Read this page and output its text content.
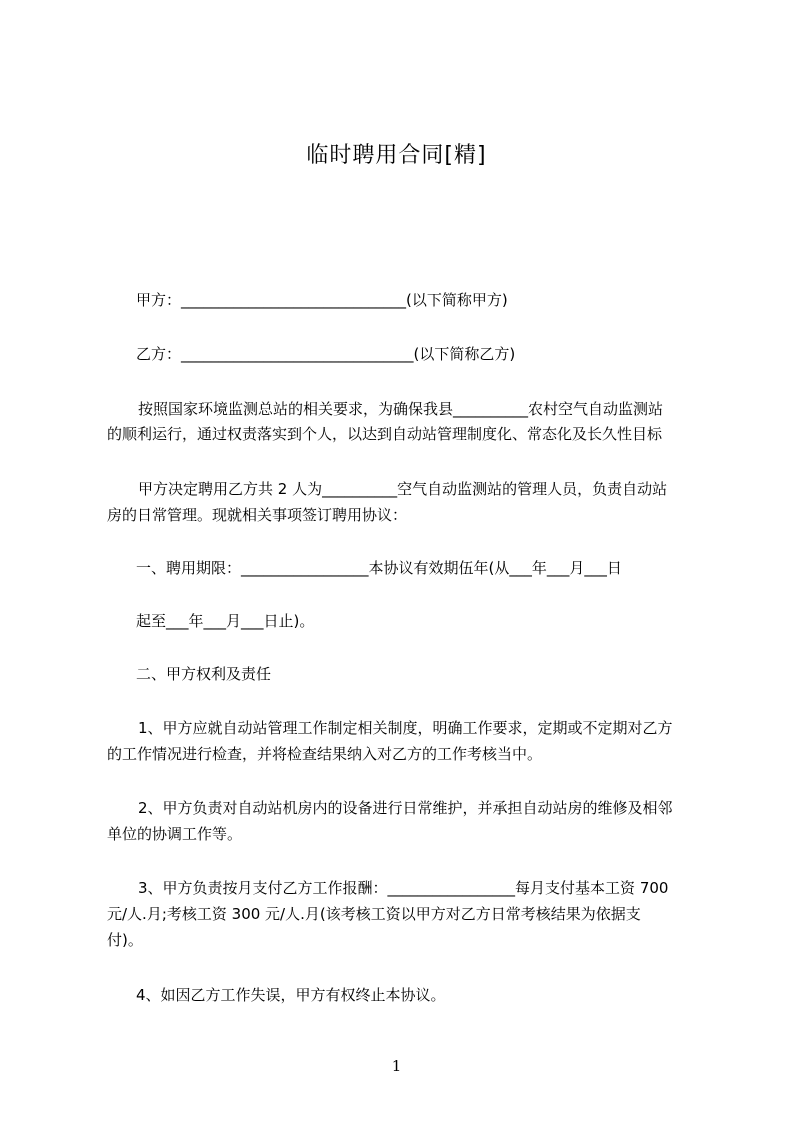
临时聘用合同[精]
甲方：______________________________(以下简称甲方)
乙方：_______________________________(以下简称乙方)
按照国家环境监测总站的相关要求，为确保我县__________农村空气自动监测站
的顺利运行，通过权责落实到个人，以达到自动站管理制度化、常态化及长久性目标
甲方决定聘用乙方共 2 人为__________空气自动监测站的管理人员，负责自动站
房的日常管理。现就相关事项签订聘用协议：
一、聘用期限：_________________本协议有效期伍年(从___年___月___日
起至___年___月___日止)。
二、甲方权利及责任
1、甲方应就自动站管理工作制定相关制度，明确工作要求，定期或不定期对乙方
的工作情况进行检查，并将检查结果纳入对乙方的工作考核当中。
2、甲方负责对自动站机房内的设备进行日常维护，并承担自动站房的维修及相邻
单位的协调工作等。
3、甲方负责按月支付乙方工作报酬：_________________每月支付基本工资 700
元/人.月;考核工资 300 元/人.月(该考核工资以甲方对乙方日常考核结果为依据支
付)。
4、如因乙方工作失误，甲方有权终止本协议。
1
